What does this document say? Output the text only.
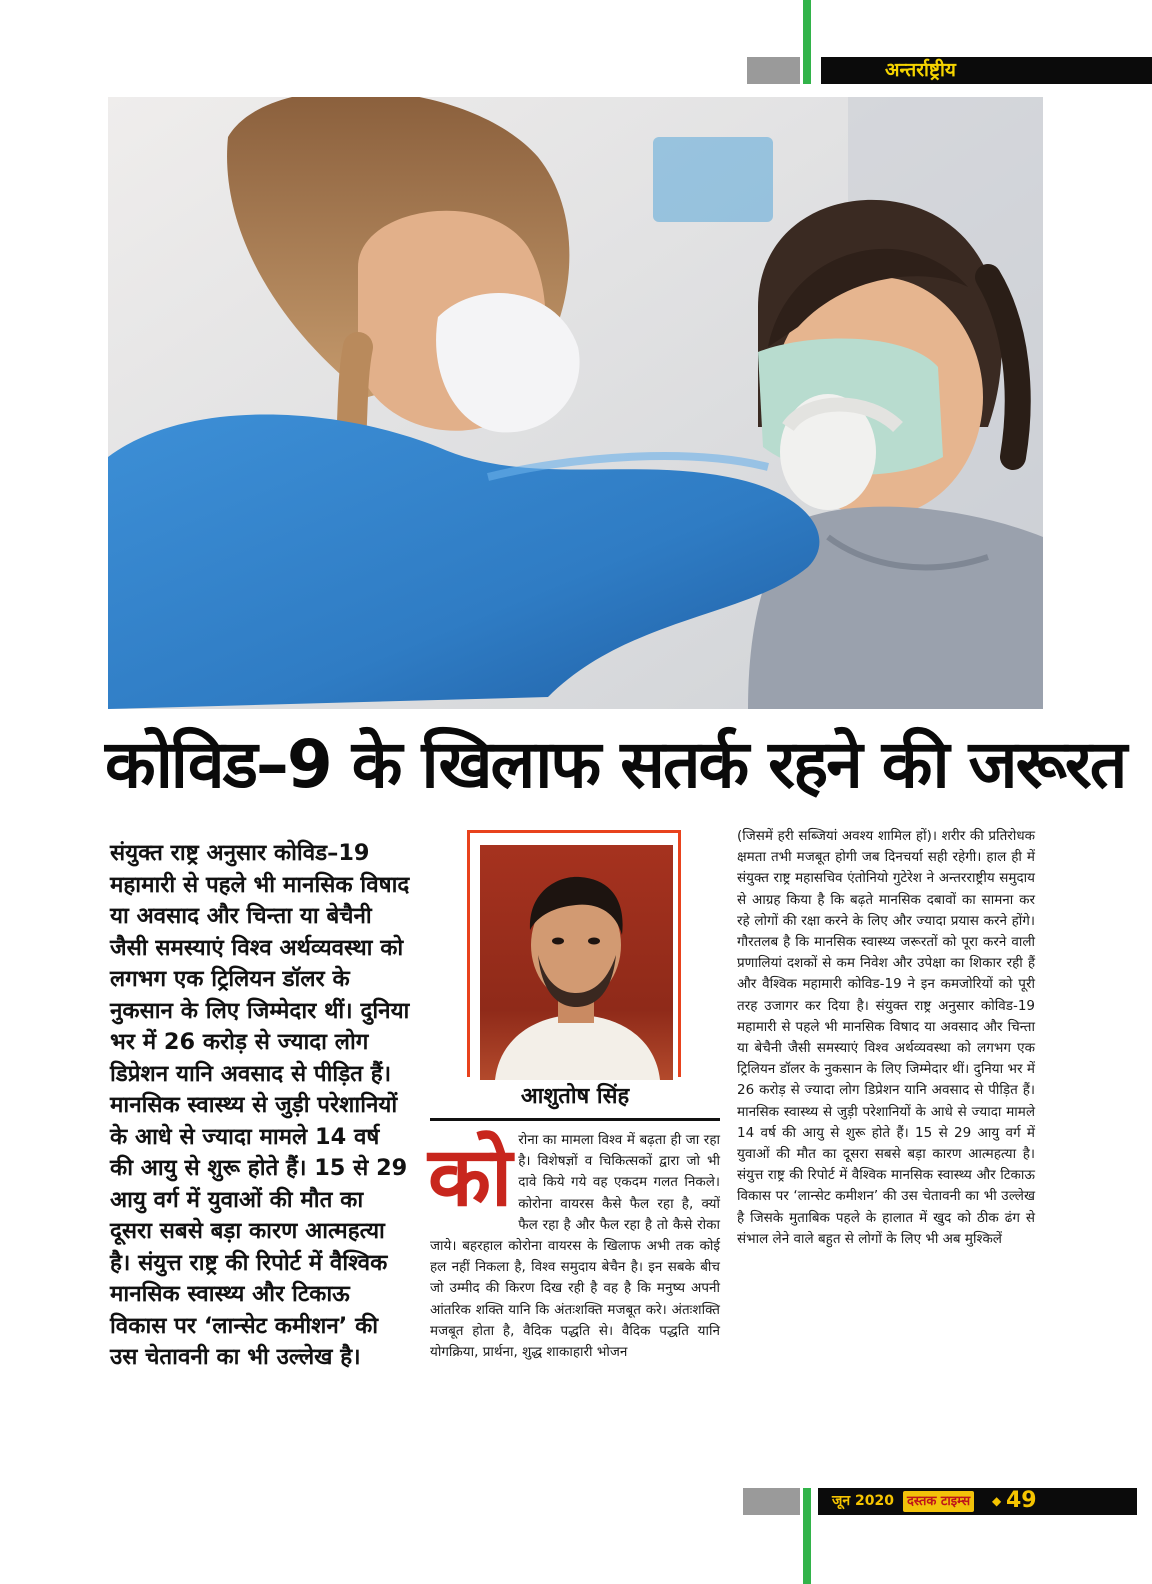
अन्तर्राष्ट्रीय
कोविड–9 के खिलाफ सतर्क रहने की जरूरत
संयुक्त राष्ट्र अनुसार कोविड–19 महामारी से पहले भी मानसिक विषाद या अवसाद और चिन्ता या बेचैनी जैसी समस्याएं विश्व अर्थव्यवस्था को लगभग एक ट्रिलियन डॉलर के नुकसान के लिए जिम्मेदार थीं। दुनिया भर में 26 करोड़ से ज्यादा लोग डिप्रेशन यानि अवसाद से पीड़ित हैं। मानसिक स्वास्थ्य से जुड़ी परेशानियों के आधे से ज्यादा मामले 14 वर्ष की आयु से शुरू होते हैं। 15 से 29 आयु वर्ग में युवाओं की मौत का दूसरा सबसे बड़ा कारण आत्महत्या है। संयुत्त राष्ट्र की रिपोर्ट में वैश्विक मानसिक स्वास्थ्य और टिकाऊ विकास पर ‘लान्सेट कमीशन’ की उस चेतावनी का भी उल्लेख है।
आशुतोष सिंह
को रोना का मामला विश्व में बढ़ता ही जा रहा है। विशेषज्ञों व चिकित्सकों द्वारा जो भी दावे किये गये वह एकदम गलत निकले। कोरोना वायरस कैसे फैल रहा है, क्यों फैल रहा है और फैल रहा है तो कैसे रोका जाये। बहरहाल कोरोना वायरस के खिलाफ अभी तक कोई हल नहीं निकला है, विश्व समुदाय बेचैन है। इन सबके बीच जो उम्मीद की किरण दिख रही है वह है कि मनुष्य अपनी आंतरिक शक्ति यानि कि अंतःशक्ति मजबूत करे। अंतःशक्ति मजबूत होता है, वैदिक पद्धति से। वैदिक पद्धति यानि योगक्रिया, प्रार्थना, शुद्ध शाकाहारी भोजन

(जिसमें हरी सब्जियां अवश्य शामिल हों)। शरीर की प्रतिरोधक क्षमता तभी मजबूत होगी जब दिनचर्या सही रहेगी। हाल ही में संयुक्त राष्ट्र महासचिव एंतोनियो गुटेरेश ने अन्तरराष्ट्रीय समुदाय से आग्रह किया है कि बढ़ते मानसिक दबावों का सामना कर रहे लोगों की रक्षा करने के लिए और ज्यादा प्रयास करने होंगे। गौरतलब है कि मानसिक स्वास्थ्य जरूरतों को पूरा करने वाली प्रणालियां दशकों से कम निवेश और उपेक्षा का शिकार रही हैं और वैश्विक महामारी कोविड-19 ने इन कमजोरियों को पूरी तरह उजागर कर दिया है। संयुक्त राष्ट्र अनुसार कोविड-19 महामारी से पहले भी मानसिक विषाद या अवसाद और चिन्ता या बेचैनी जैसी समस्याएं विश्व अर्थव्यवस्था को लगभग एक ट्रिलियन डॉलर के नुकसान के लिए जिम्मेदार थीं। दुनिया भर में 26 करोड़ से ज्यादा लोग डिप्रेशन यानि अवसाद से पीड़ित हैं। मानसिक स्वास्थ्य से जुड़ी परेशानियों के आधे से ज्यादा मामले 14 वर्ष की आयु से शुरू होते हैं। 15 से 29 आयु वर्ग में युवाओं की मौत का दूसरा सबसे बड़ा कारण आत्महत्या है। संयुत्त राष्ट्र की रिपोर्ट में वैश्विक मानसिक स्वास्थ्य और टिकाऊ विकास पर ‘लान्सेट कमीशन’ की उस चेतावनी का भी उल्लेख है जिसके मुताबिक पहले के हालात में खुद को ठीक ढंग से संभाल लेने वाले बहुत से लोगों के लिए भी अब मुश्किलें

जून 2020	दस्तक टाइम्स	◆ 49
